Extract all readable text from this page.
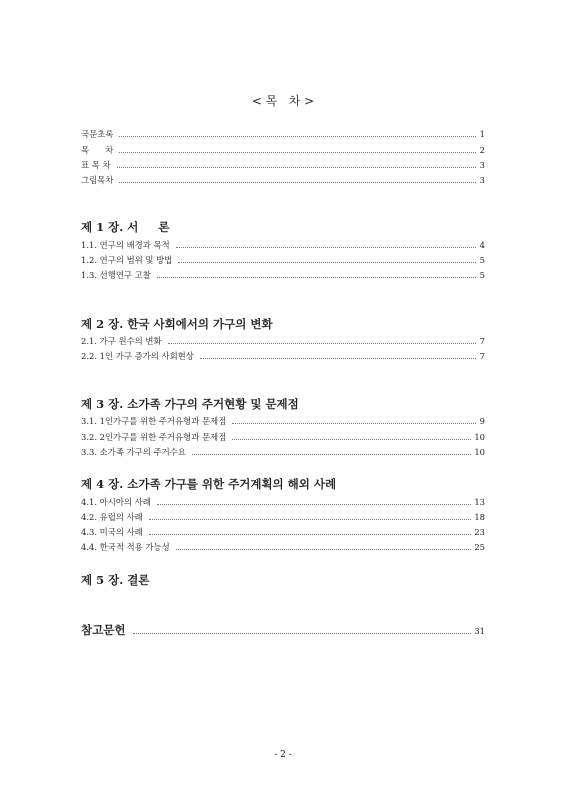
< 목   차 >
국문초록	1
목      차	2
표 목 차	3
그림목차	3
제 1 장. 서     론
1.1. 연구의 배경과 목적	4
1.2. 연구의 범위 및 방법	5
1.3. 선행연구 고찰	5
제 2 장. 한국 사회에서의 가구의 변화
2.1. 가구 원수의 변화	7
2.2. 1인 가구 증가의 사회현상	7
제 3 장. 소가족 가구의 주거현황 및 문제점
3.1. 1인가구를 위한 주거유형과 문제점	9
3.2. 2인가구를 위한 주거유형과 문제점	10
3.3. 소가족 가구의 주거수요	10
제 4 장. 소가족 가구를 위한 주거계획의 해외 사례
4.1. 아시아의 사례	13
4.2. 유럽의 사례	18
4.3. 미국의 사례	23
4.4. 한국적 적용 가능성	25
제 5 장. 결론
참고문헌	31
- 2 -
